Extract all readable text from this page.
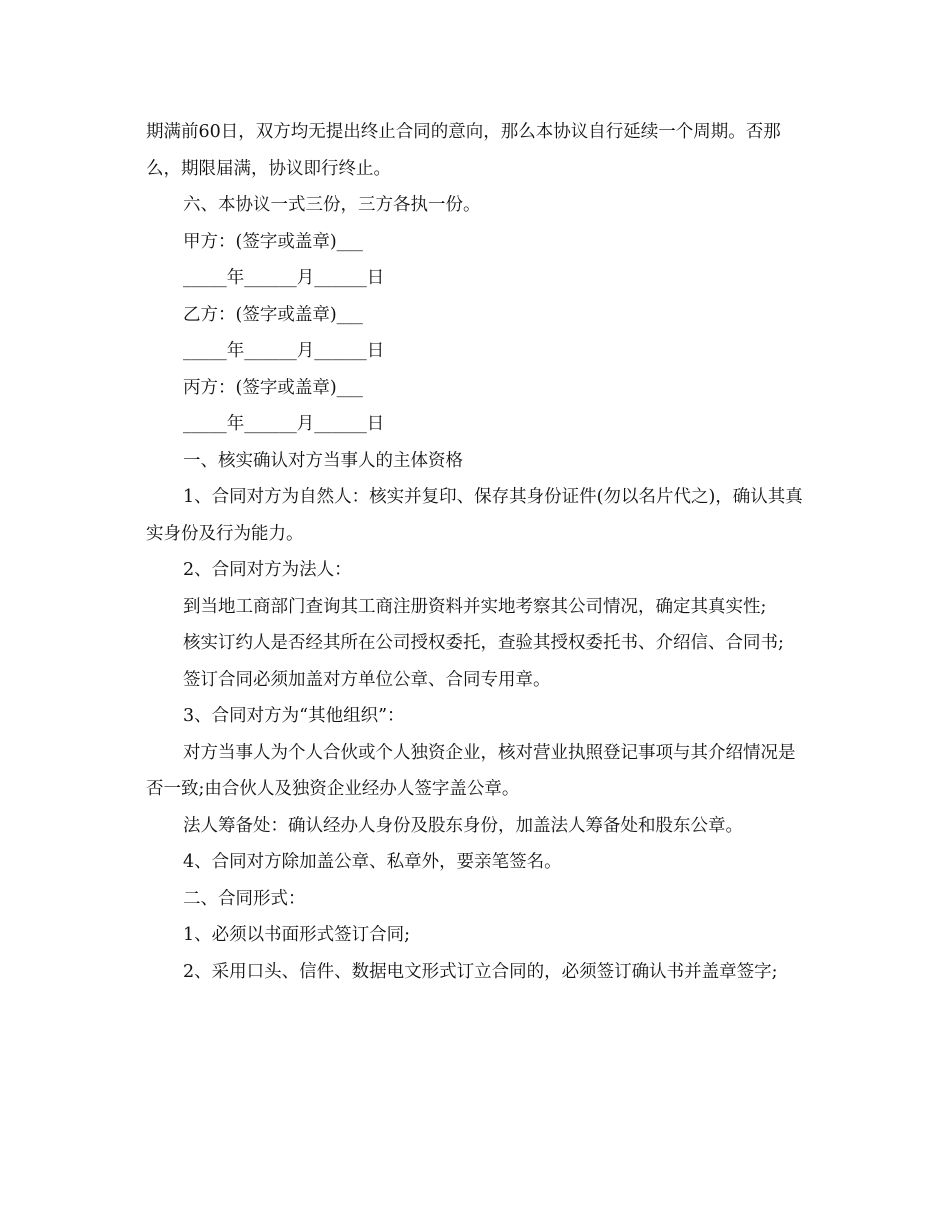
期满前60日，双方均无提出终止合同的意向，那么本协议自行延续一个周期。否那么，期限届满，协议即行终止。

六、本协议一式三份，三方各执一份。

甲方：(签字或盖章)___

_____年______月______日

乙方：(签字或盖章)___

_____年______月______日

丙方：(签字或盖章)___

_____年______月______日

一、核实确认对方当事人的主体资格

1、合同对方为自然人：核实并复印、保存其身份证件(勿以名片代之)，确认其真实身份及行为能力。

2、合同对方为法人：

到当地工商部门查询其工商注册资料并实地考察其公司情况，确定其真实性;

核实订约人是否经其所在公司授权委托，查验其授权委托书、介绍信、合同书;

签订合同必须加盖对方单位公章、合同专用章。

3、合同对方为“其他组织”：

对方当事人为个人合伙或个人独资企业，核对营业执照登记事项与其介绍情况是否一致;由合伙人及独资企业经办人签字盖公章。

法人筹备处：确认经办人身份及股东身份，加盖法人筹备处和股东公章。

4、合同对方除加盖公章、私章外，要亲笔签名。

二、合同形式：

1、必须以书面形式签订合同;

2、采用口头、信件、数据电文形式订立合同的，必须签订确认书并盖章签字;
